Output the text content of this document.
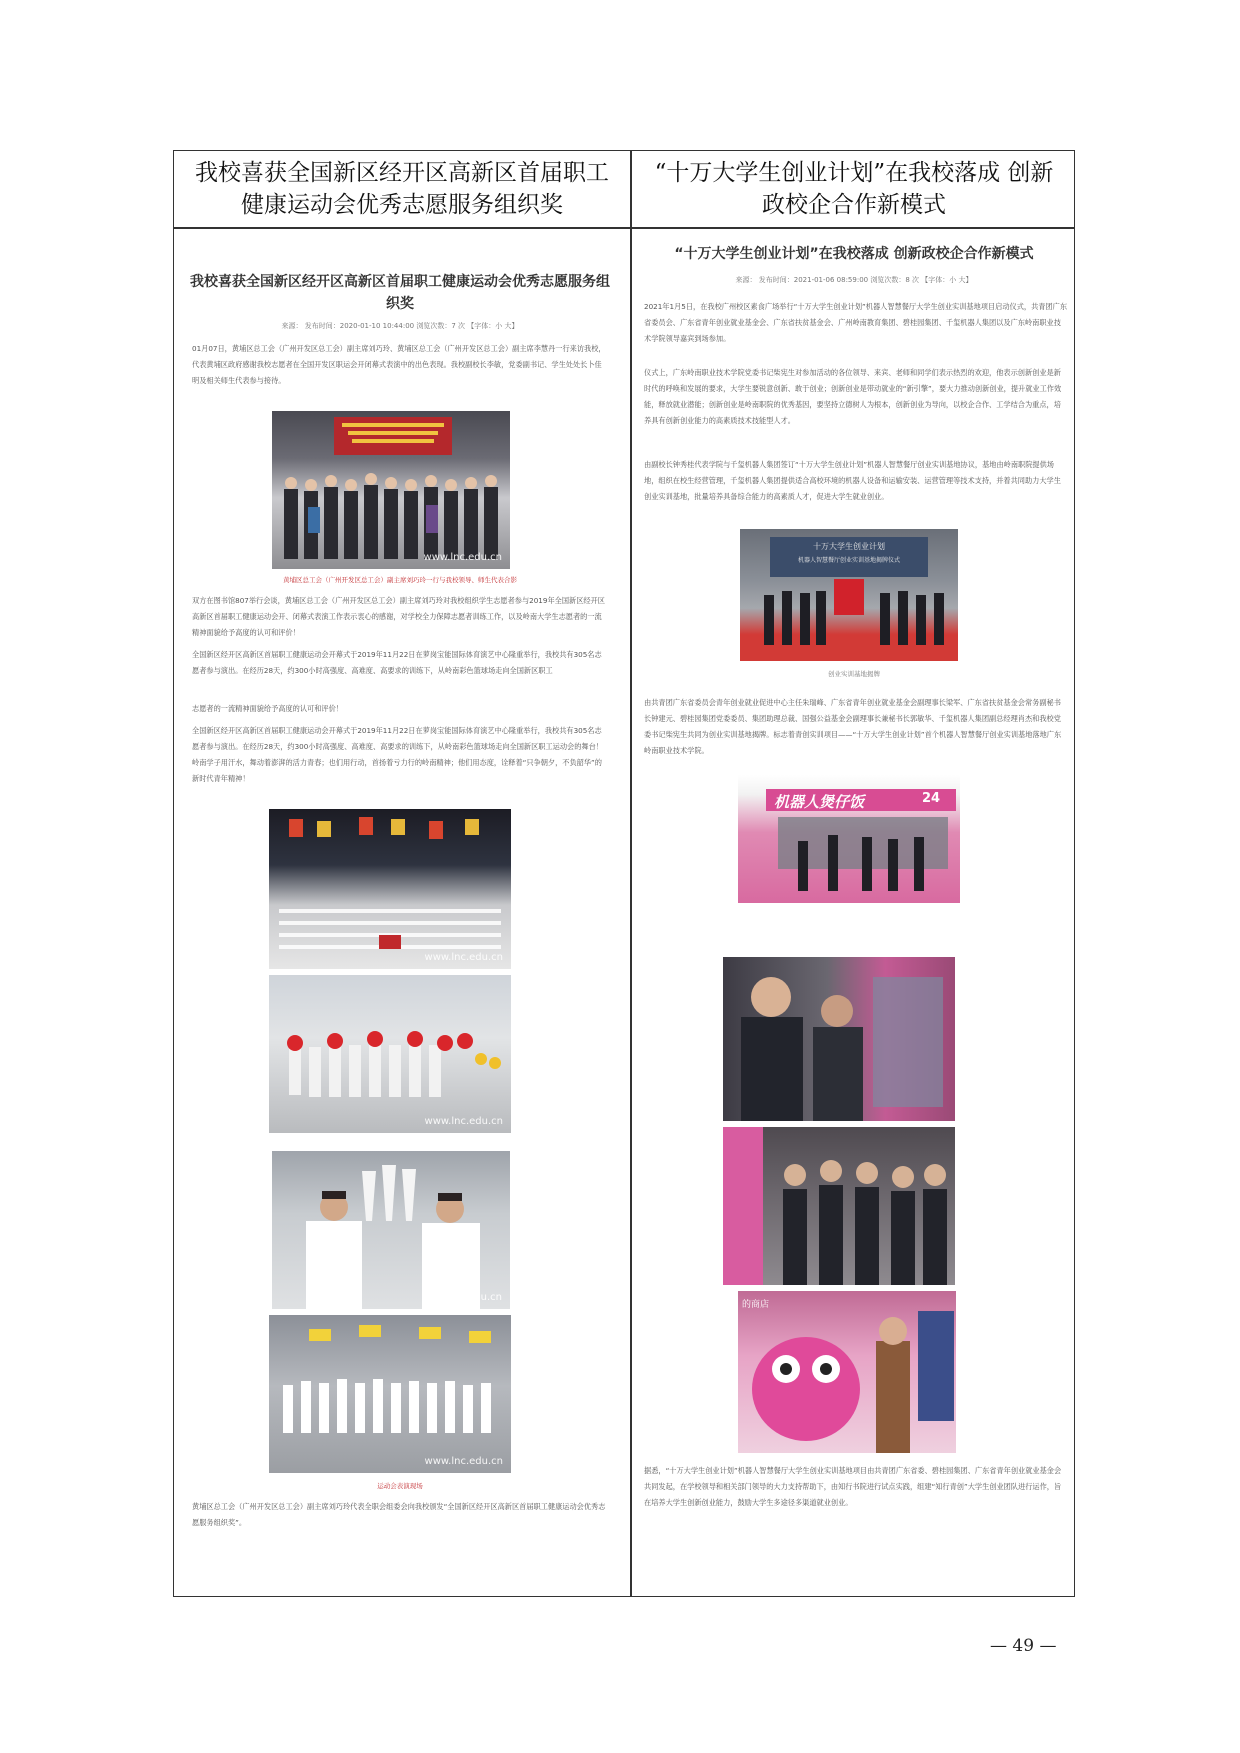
我校喜获全国新区经开区高新区首届职工健康运动会优秀志愿服务组织奖
“十万大学生创业计划”在我校落成 创新政校企合作新模式
我校喜获全国新区经开区高新区首届职工健康运动会优秀志愿服务组织奖
来源： 发布时间：2020-01-10 10:44:00 浏览次数：7 次 【字体：小 大】
01月07日，黄埔区总工会（广州开发区总工会）副主席刘巧玲、黄埔区总工会（广州开发区总工会）副主席李慧丹一行来访我校，代表黄埔区政府感谢我校志愿者在全国开发区职运会开闭幕式表演中的出色表现。我校副校长李敏，党委副书记、学生处处长卜佳明及相关师生代表参与接待。
www.lnc.edu.cn
黄埔区总工会（广州开发区总工会）副主席刘巧玲一行与我校领导、师生代表合影
双方在图书馆807举行会谈，黄埔区总工会（广州开发区总工会）副主席刘巧玲对我校组织学生志愿者参与2019年全国新区经开区高新区首届职工健康运动会开、闭幕式表演工作表示衷心的感谢，对学校全力保障志愿者训练工作，以及岭南大学生志愿者的一流精神面貌给予高度的认可和评价！
全国新区经开区高新区首届职工健康运动会开幕式于2019年11月22日在萝岗宝能国际体育演艺中心隆重举行，我校共有305名志愿者参与演出。在经历28天，约300小时高强度、高难度、高要求的训练下，从岭南彩色篮球场走向全国新区职工
志愿者的一流精神面貌给予高度的认可和评价！
全国新区经开区高新区首届职工健康运动会开幕式于2019年11月22日在萝岗宝能国际体育演艺中心隆重举行，我校共有305名志愿者参与演出。在经历28天，约300小时高强度、高难度、高要求的训练下，从岭南彩色篮球场走向全国新区职工运动会的舞台！岭南学子用汗水，舞动着澎湃的活力青春；也们用行动，首扬着亏力行的岭南精神；他们用态度，诠释着“只争朝夕，不负韶华”的新时代青年精神！
www.lnc.edu.cn
www.lnc.edu.cn
www.lnc.edu.cn
www.lnc.edu.cn
运动会表演现场
黄埔区总工会（广州开发区总工会）副主席刘巧玲代表全职会组委会向我校颁发“全国新区经开区高新区首届职工健康运动会优秀志愿服务组织奖”。
“十万大学生创业计划”在我校落成 创新政校企合作新模式
来源： 发布时间：2021-01-06 08:59:00 浏览次数：8 次 【字体：小 大】
2021年1月5日，在我校广州校区素食广场举行“十万大学生创业计划”机器人智慧餐厅大学生创业实训基地项目启动仪式，共青团广东省委员会、广东省青年创业就业基金会、广东省扶贫基金会、广州岭南教育集团、碧桂园集团、千玺机器人集团以及广东岭南职业技术学院领导嘉宾到场参加。
仪式上，广东岭南职业技术学院党委书记柴宪生对参加活动的各位领导、来宾、老师和同学们表示热烈的欢迎，他表示创新创业是新时代的呼唤和发展的要求，大学生要锐意创新、敢于创业；创新创业是带动就业的“新引擎”，要大力推动创新创业，提升就业工作效能，释放就业潜能；创新创业是岭南职院的优秀基因，要坚持立德树人为根本，创新创业为导向，以校企合作、工学结合为重点，培养具有创新创业能力的高素质技术技能型人才。
由副校长钟秀桂代表学院与千玺机器人集团签订“十万大学生创业计划”机器人智慧餐厅创业实训基地协议，基地由岭南职院提供场地，组织在校生经营管理，千玺机器人集团提供适合高校环境的机器人设备和运输安装、运营管理等技术支持，并着共同助力大学生创业实训基地，批量培养具备综合能力的高素质人才，促进大学生就业创业。
十万大学生创业计划
机器人智慧餐厅创业实训基地揭牌仪式
创业实训基地揭牌
由共青团广东省委员会青年创业就业促进中心主任朱瑞峰、广东省青年创业就业基金会副理事长梁军、广东省扶贫基金会常务副秘书长钟建元、碧桂园集团党委委员、集团助理总裁、国强公益基金会副理事长兼秘书长郭敏华、千玺机器人集团副总经理肖杰和我校党委书记柴宪生共同为创业实训基地揭牌。标志着青创实训项目——“十万大学生创业计划”首个机器人智慧餐厅创业实训基地落地广东岭南职业技术学院。
机器人煲仔饭	24
的商店
据悉，“十万大学生创业计划”机器人智慧餐厅大学生创业实训基地项目由共青团广东省委、碧桂园集团、广东省青年创业就业基金会共同发起，在学校领导和相关部门领导的大力支持帮助下，由知行书院进行试点实践，组建“知行青创”大学生创业团队进行运作，旨在培养大学生创新创业能力，鼓励大学生多途径多渠道就业创业。
— 49 —
